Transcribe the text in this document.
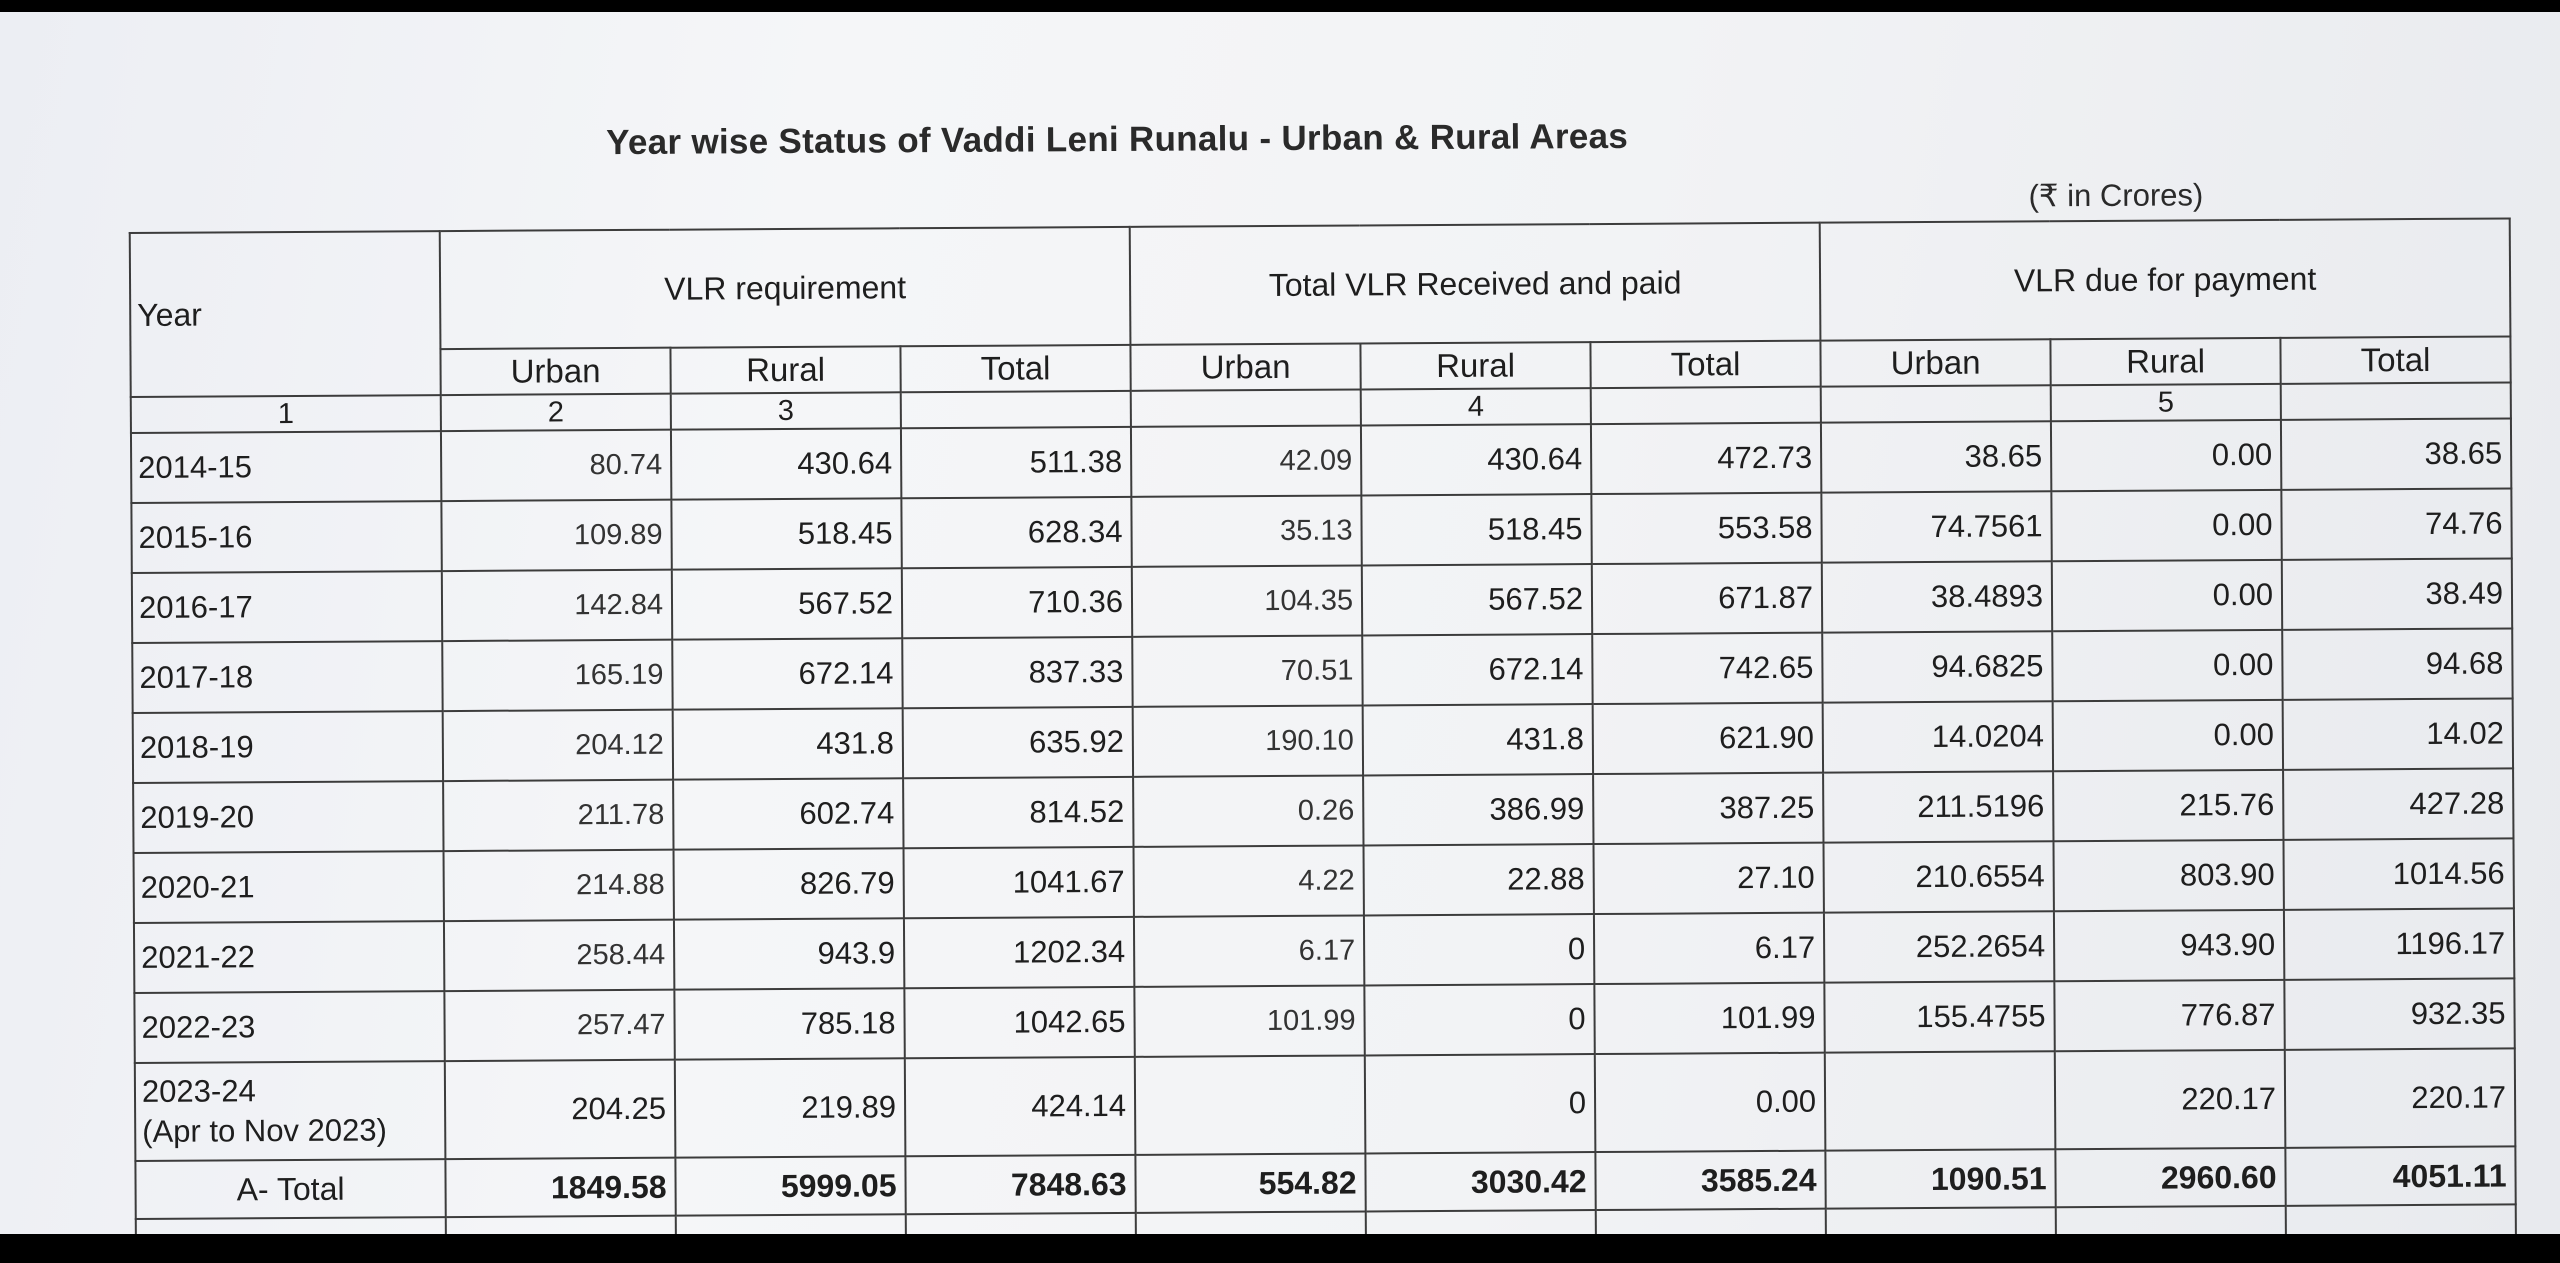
Year wise Status of Vaddi Leni Runalu - Urban & Rural Areas
(₹ in Crores)
Year	VLR requirement			Total VLR Received and paid			VLR due for payment		
	Urban	Rural	Total	Urban	Rural	Total	Urban	Rural	Total
1	2	3			4			5	
2014-15	80.74	430.64	511.38	42.09	430.64	472.73	38.65	0.00	38.65
2015-16	109.89	518.45	628.34	35.13	518.45	553.58	74.7561	0.00	74.76
2016-17	142.84	567.52	710.36	104.35	567.52	671.87	38.4893	0.00	38.49
2017-18	165.19	672.14	837.33	70.51	672.14	742.65	94.6825	0.00	94.68
2018-19	204.12	431.8	635.92	190.10	431.8	621.90	14.0204	0.00	14.02
2019-20	211.78	602.74	814.52	0.26	386.99	387.25	211.5196	215.76	427.28
2020-21	214.88	826.79	1041.67	4.22	22.88	27.10	210.6554	803.90	1014.56
2021-22	258.44	943.9	1202.34	6.17	0	6.17	252.2654	943.90	1196.17
2022-23	257.47	785.18	1042.65	101.99	0	101.99	155.4755	776.87	932.35

2023-24
(Apr to Nov 2023)	204.25	219.89	424.14		0	0.00		220.17	220.17
A- Total	1849.58	5999.05	7848.63	554.82	3030.42	3585.24	1090.51	2960.60	4051.11
